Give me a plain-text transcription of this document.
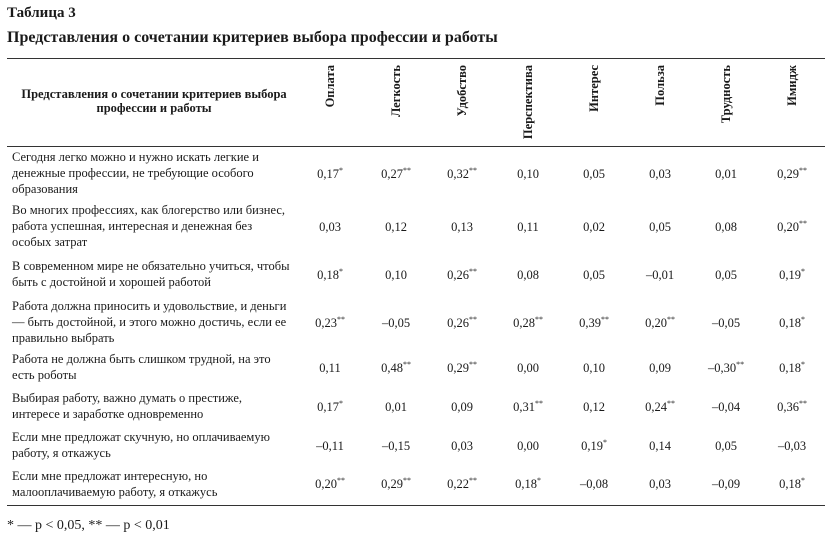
Таблица 3
Представления о сочетании критериев выбора профессии и работы
Представления о сочетании критериев выбора профессии и работы	Оплата	Легкость	Удобство	Перспектива	Интерес	Польза	Трудность	Имидж
Сегодня легко можно и нужно искать легкие и денежные профессии, не требующие особого образования	0,17*	0,27**	0,32**	0,10	0,05	0,03	0,01	0,29**
Во многих профессиях, как блогерство или бизнес, работа успешная, интересная и денежная без особых затрат	0,03	0,12	0,13	0,11	0,02	0,05	0,08	0,20**
В современном мире не обязательно учиться, чтобы быть с достойной и хорошей работой	0,18*	0,10	0,26**	0,08	0,05	–0,01	0,05	0,19*
Работа должна приносить и удовольствие, и деньги — быть достойной, и этого можно достичь, если ее правильно выбрать	0,23**	–0,05	0,26**	0,28**	0,39**	0,20**	–0,05	0,18*
Работа не должна быть слишком трудной, на это есть роботы	0,11	0,48**	0,29**	0,00	0,10	0,09	–0,30**	0,18*
Выбирая работу, важно думать о престиже, интересе и заработке одновременно	0,17*	0,01	0,09	0,31**	0,12	0,24**	–0,04	0,36**
Если мне предложат скучную, но оплачиваемую работу, я откажусь	–0,11	–0,15	0,03	0,00	0,19*	0,14	0,05	–0,03
Если мне предложат интересную, но малооплачиваемую работу, я откажусь	0,20**	0,29**	0,22**	0,18*	–0,08	0,03	–0,09	0,18*
* — p < 0,05, ** — p < 0,01
